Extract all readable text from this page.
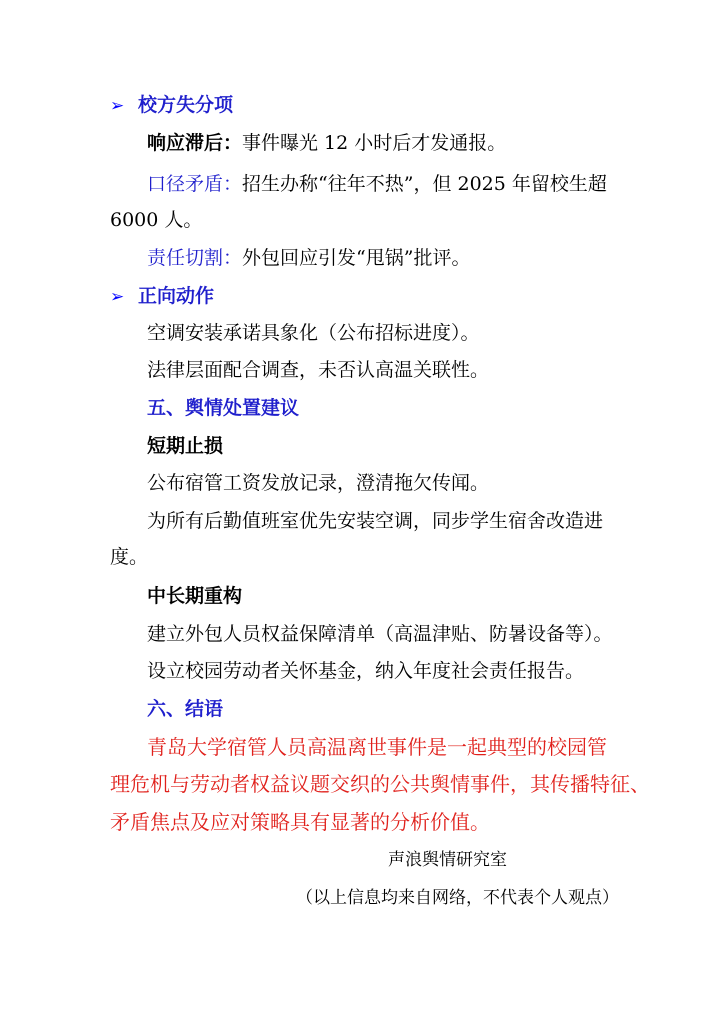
➢ 校方失分项
响应滞后：事件曝光 12 小时后才发通报。
口径矛盾：招生办称“往年不热”，但 2025 年留校生超
6000 人。
责任切割：外包回应引发“甩锅”批评。
➢ 正向动作
空调安装承诺具象化（公布招标进度）。
法律层面配合调查，未否认高温关联性。
五、舆情处置建议
短期止损
公布宿管工资发放记录，澄清拖欠传闻。
为所有后勤值班室优先安装空调，同步学生宿舍改造进
度。
中长期重构
建立外包人员权益保障清单（高温津贴、防暑设备等）。
设立校园劳动者关怀基金，纳入年度社会责任报告。
六、结语
青岛大学宿管人员高温离世事件是一起典型的校园管
理危机与劳动者权益议题交织的公共舆情事件，其传播特征、
矛盾焦点及应对策略具有显著的分析价值。
声浪舆情研究室
（以上信息均来自网络，不代表个人观点）
